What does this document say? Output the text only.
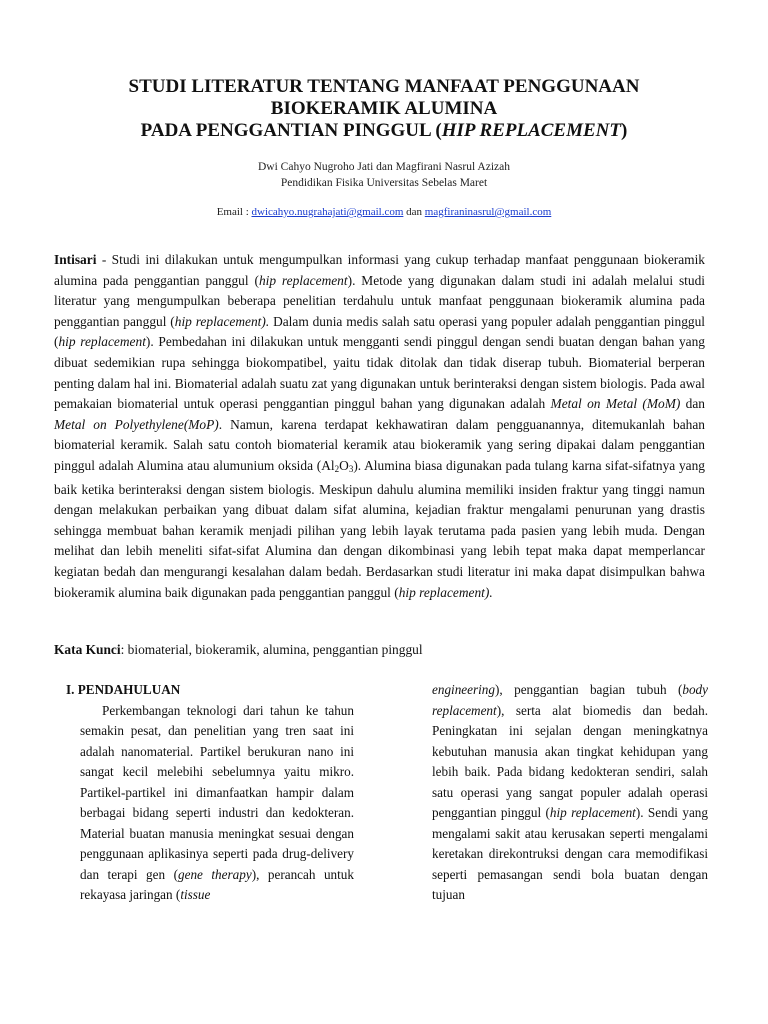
STUDI LITERATUR TENTANG MANFAAT PENGGUNAAN
BIOKERAMIK ALUMINA
PADA PENGGANTIAN PINGGUL (HIP REPLACEMENT)
Dwi Cahyo Nugroho Jati dan Magfirani Nasrul Azizah
Pendidikan Fisika Universitas Sebelas Maret
Email : dwicahyo.nugrahajati@gmail.com dan magfiraninasrul@gmail.com

Intisari - Studi ini dilakukan untuk mengumpulkan informasi yang cukup terhadap manfaat penggunaan biokeramik alumina pada penggantian panggul (hip replacement). Metode yang digunakan dalam studi ini adalah melalui studi literatur yang mengumpulkan beberapa penelitian terdahulu untuk manfaat penggunaan biokeramik alumina pada penggantian panggul (hip replacement). Dalam dunia medis salah satu operasi yang populer adalah penggantian pinggul (hip replacement). Pembedahan ini dilakukan untuk mengganti sendi pinggul dengan sendi buatan dengan bahan yang dibuat sedemikian rupa sehingga biokompatibel, yaitu tidak ditolak dan tidak diserap tubuh. Biomaterial berperan penting dalam hal ini. Biomaterial adalah suatu zat yang digunakan untuk berinteraksi dengan sistem biologis. Pada awal pemakaian biomaterial untuk operasi penggantian pinggul bahan yang digunakan adalah Metal on Metal (MoM) dan Metal on Polyethylene(MoP). Namun, karena terdapat kekhawatiran dalam pengguanannya, ditemukanlah bahan biomaterial keramik. Salah satu contoh biomaterial keramik atau biokeramik yang sering dipakai dalam penggantian pinggul adalah Alumina atau alumunium oksida $(Al_2O_3)$. Alumina biasa digunakan pada tulang karna sifat-sifatnya yang baik ketika berinteraksi dengan sistem biologis. Meskipun dahulu alumina memiliki insiden fraktur yang tinggi namun dengan melakukan perbaikan yang dibuat dalam sifat alumina, kejadian fraktur mengalami penurunan yang drastis sehingga membuat bahan keramik menjadi pilihan yang lebih layak terutama pada pasien yang lebih muda. Dengan melihat dan lebih meneliti sifat-sifat Alumina dan dengan dikombinasi yang lebih tepat maka dapat memperlancar kegiatan bedah dan mengurangi kesalahan dalam bedah. Berdasarkan studi literatur ini maka dapat disimpulkan bahwa biokeramik alumina baik digunakan pada penggantian panggul (hip replacement).

Kata Kunci: biomaterial, biokeramik, alumina, penggantian pinggul

I. PENDAHULUAN

Perkembangan teknologi dari tahun ke tahun semakin pesat, dan penelitian yang tren saat ini adalah nanomaterial. Partikel berukuran nano ini sangat kecil melebihi sebelumnya yaitu mikro. Partikel-partikel ini dimanfaatkan hampir dalam berbagai bidang seperti industri dan kedokteran. Material buatan manusia meningkat sesuai dengan penggunaan aplikasinya seperti pada drug-delivery dan terapi gen (gene therapy), perancah untuk rekayasa jaringan (tissue

engineering), penggantian bagian tubuh (body replacement), serta alat biomedis dan bedah. Peningkatan ini sejalan dengan meningkatnya kebutuhan manusia akan tingkat kehidupan yang lebih baik. Pada bidang kedokteran sendiri, salah satu operasi yang sangat populer adalah operasi penggantian pinggul (hip replacement). Sendi yang mengalami sakit atau kerusakan seperti mengalami keretakan direkontruksi dengan cara memodifikasi seperti pemasangan sendi bola buatan dengan tujuan
